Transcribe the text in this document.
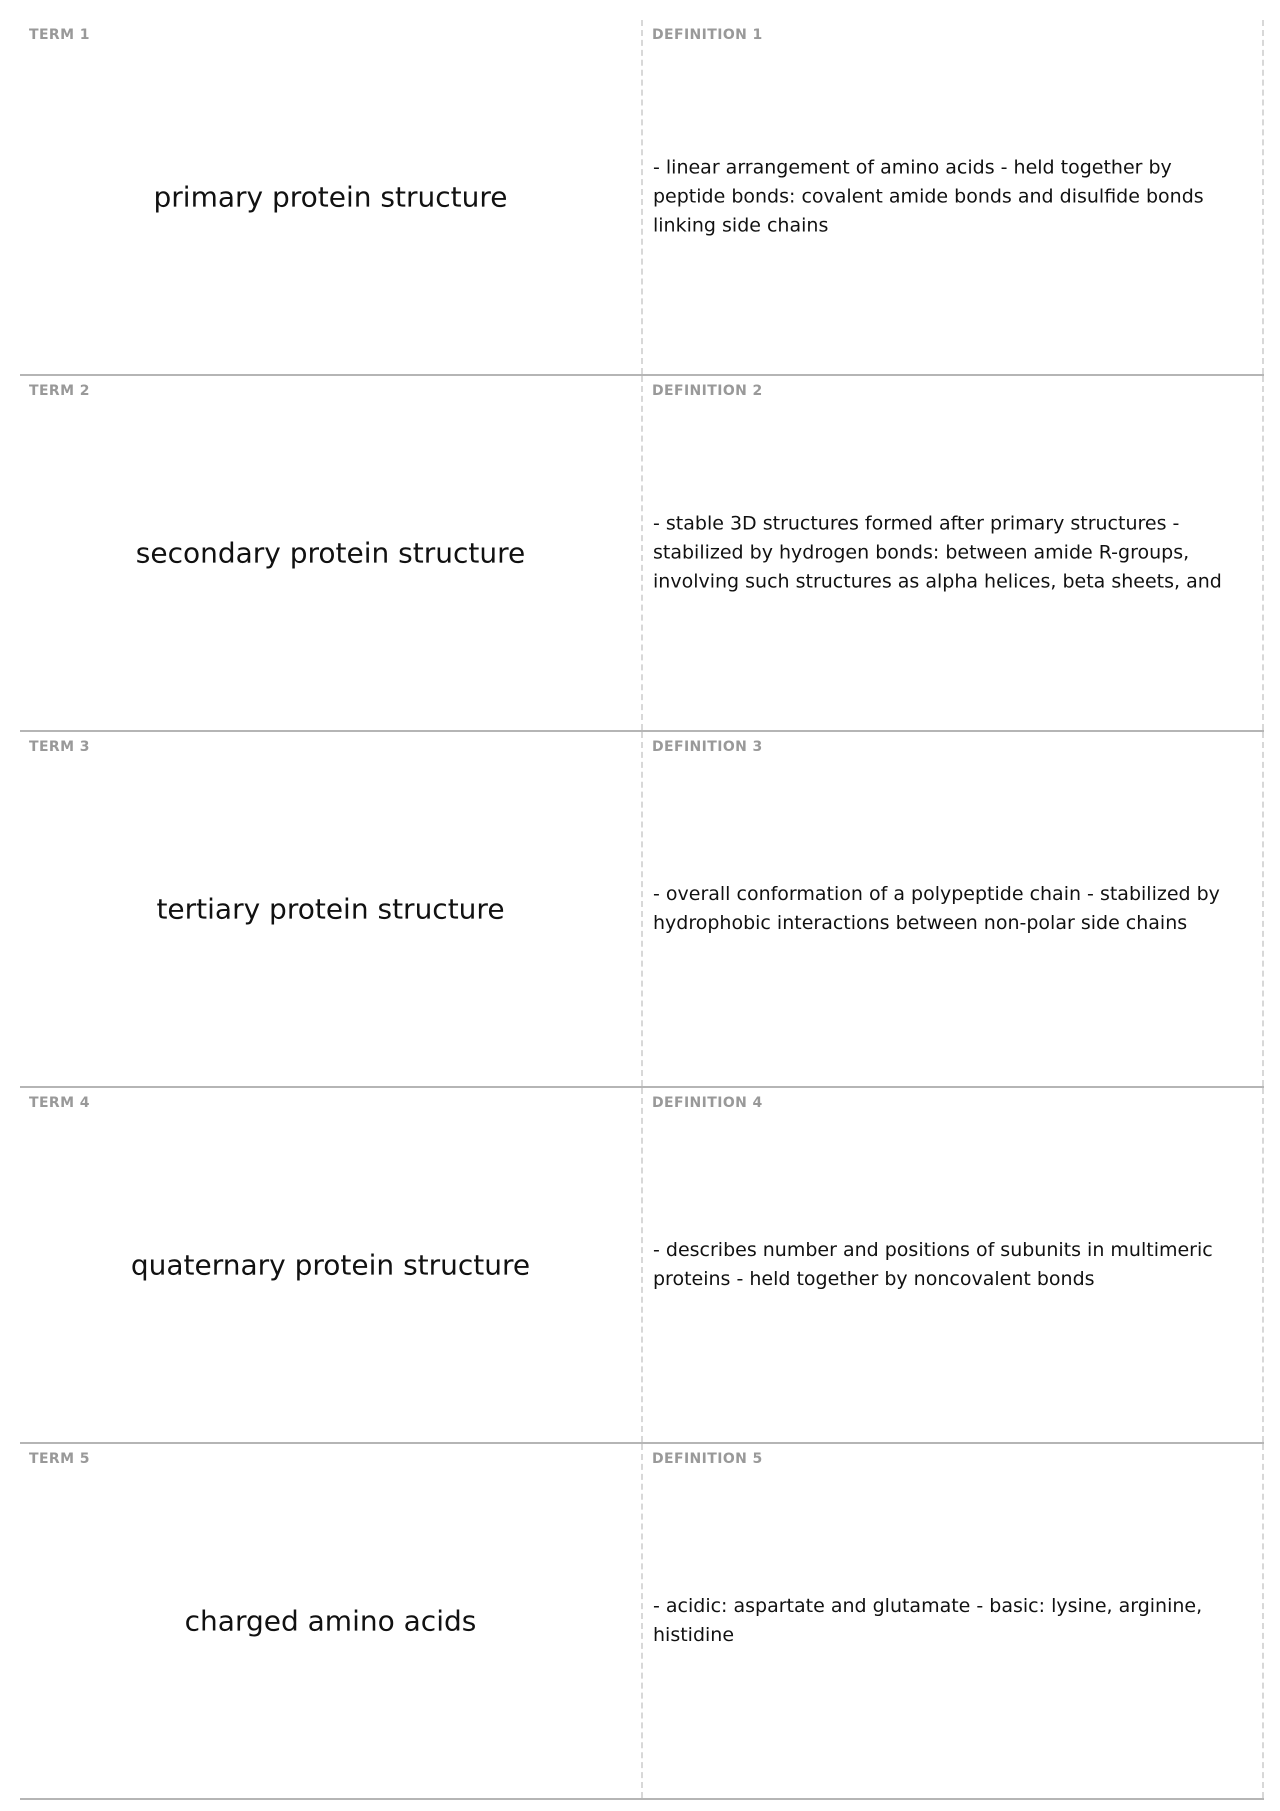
TERM 1
primary protein structure
DEFINITION 1
- linear arrangement of amino acids - held together by peptide bonds: covalent amide bonds and disulfide bonds linking side chains
TERM 2
secondary protein structure
DEFINITION 2
- stable 3D structures formed after primary structures - stabilized by hydrogen bonds: between amide R-groups, involving such structures as alpha helices, beta sheets, and
TERM 3
tertiary protein structure
DEFINITION 3
- overall conformation of a polypeptide chain - stabilized by hydrophobic interactions between non-polar side chains
TERM 4
quaternary protein structure
DEFINITION 4
- describes number and positions of subunits in multimeric proteins - held together by noncovalent bonds
TERM 5
charged amino acids
DEFINITION 5
- acidic: aspartate and glutamate - basic: lysine, arginine, histidine
